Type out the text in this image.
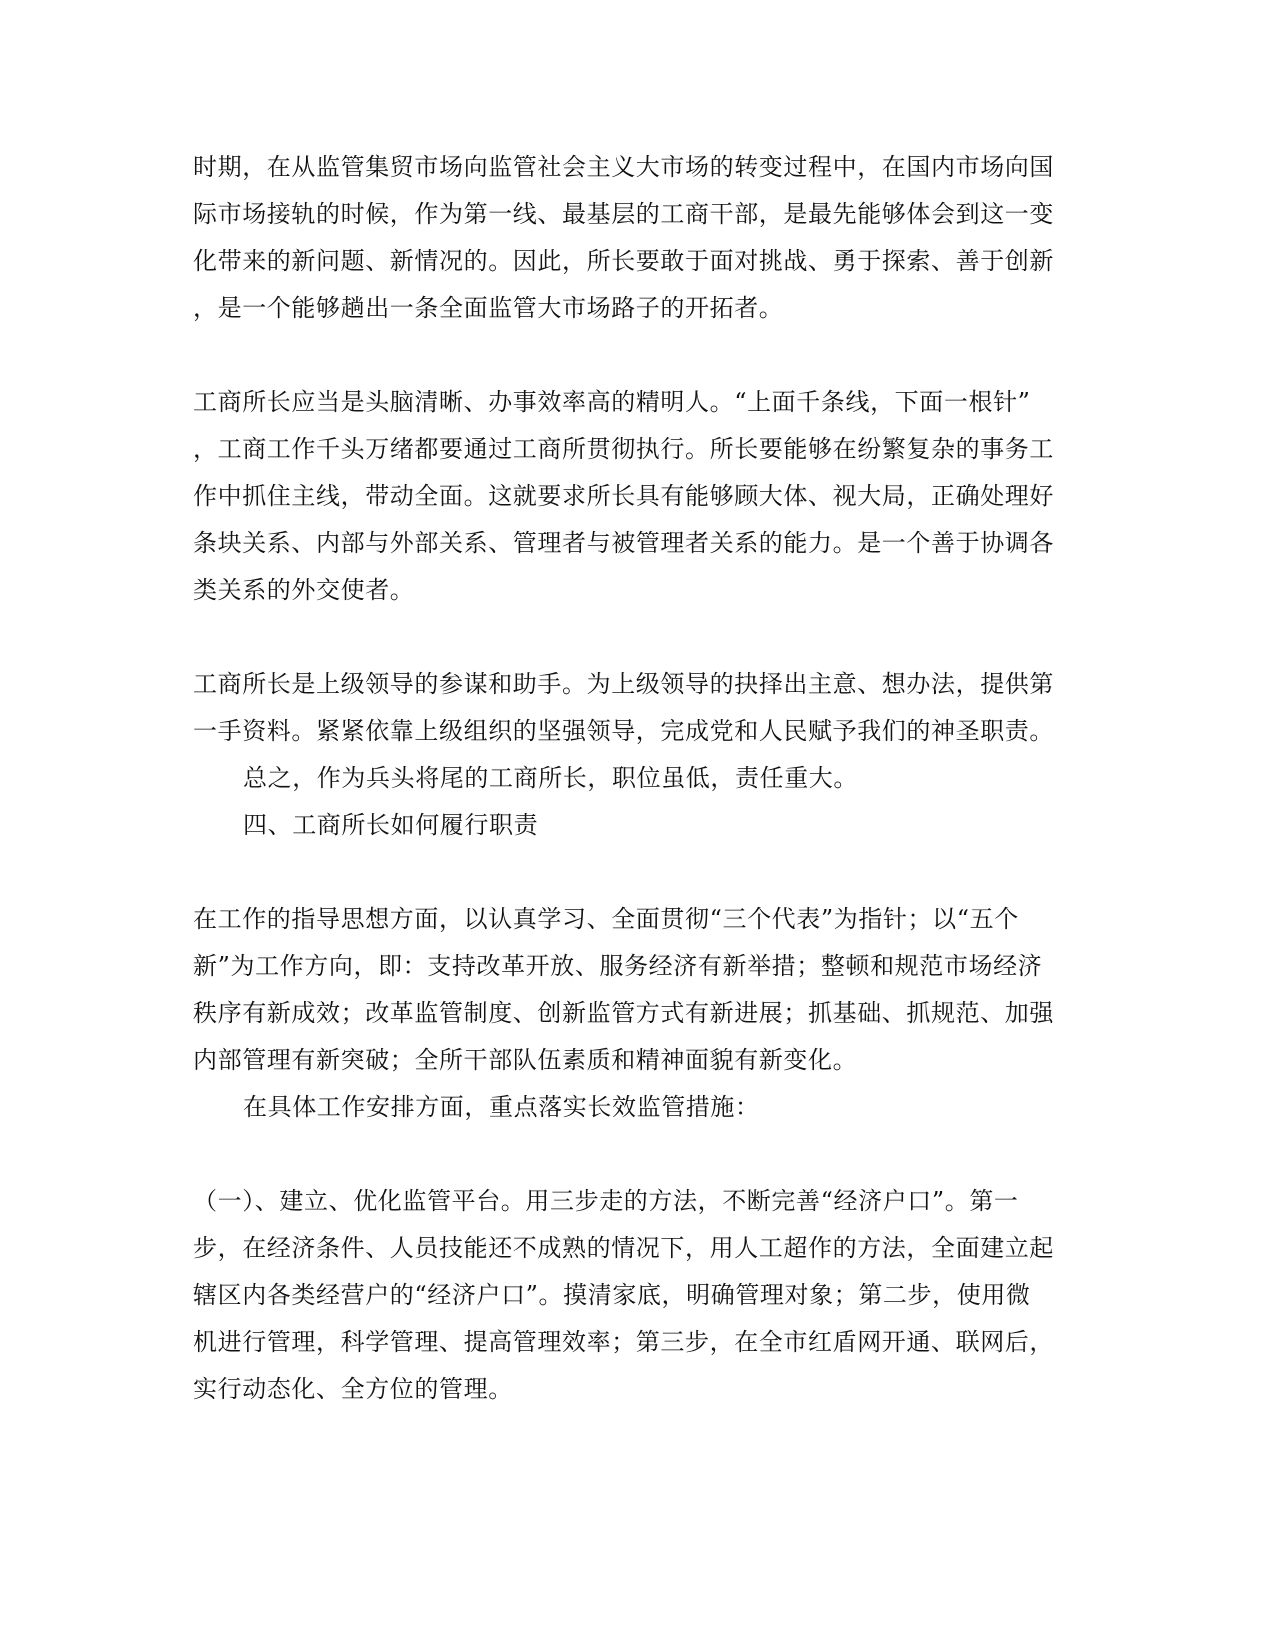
时期，在从监管集贸市场向监管社会主义大市场的转变过程中，在国内市场向国
际市场接轨的时候，作为第一线、最基层的工商干部，是最先能够体会到这一变
化带来的新问题、新情况的。因此，所长要敢于面对挑战、勇于探索、善于创新
，是一个能够趟出一条全面监管大市场路子的开拓者。
工商所长应当是头脑清晰、办事效率高的精明人。“上面千条线，下面一根针”
，工商工作千头万绪都要通过工商所贯彻执行。所长要能够在纷繁复杂的事务工
作中抓住主线，带动全面。这就要求所长具有能够顾大体、视大局，正确处理好
条块关系、内部与外部关系、管理者与被管理者关系的能力。是一个善于协调各
类关系的外交使者。
工商所长是上级领导的参谋和助手。为上级领导的抉择出主意、想办法，提供第
一手资料。紧紧依靠上级组织的坚强领导，完成党和人民赋予我们的神圣职责。
总之，作为兵头将尾的工商所长，职位虽低，责任重大。
四、工商所长如何履行职责
在工作的指导思想方面，以认真学习、全面贯彻“三个代表”为指针；以“五个
新”为工作方向，即：支持改革开放、服务经济有新举措；整顿和规范市场经济
秩序有新成效；改革监管制度、创新监管方式有新进展；抓基础、抓规范、加强
内部管理有新突破；全所干部队伍素质和精神面貌有新变化。
在具体工作安排方面，重点落实长效监管措施：
（一）、建立、优化监管平台。用三步走的方法，不断完善“经济户口”。第一
步，在经济条件、人员技能还不成熟的情况下，用人工超作的方法，全面建立起
辖区内各类经营户的“经济户口”。摸清家底，明确管理对象；第二步，使用微
机进行管理，科学管理、提高管理效率；第三步，在全市红盾网开通、联网后，
实行动态化、全方位的管理。
